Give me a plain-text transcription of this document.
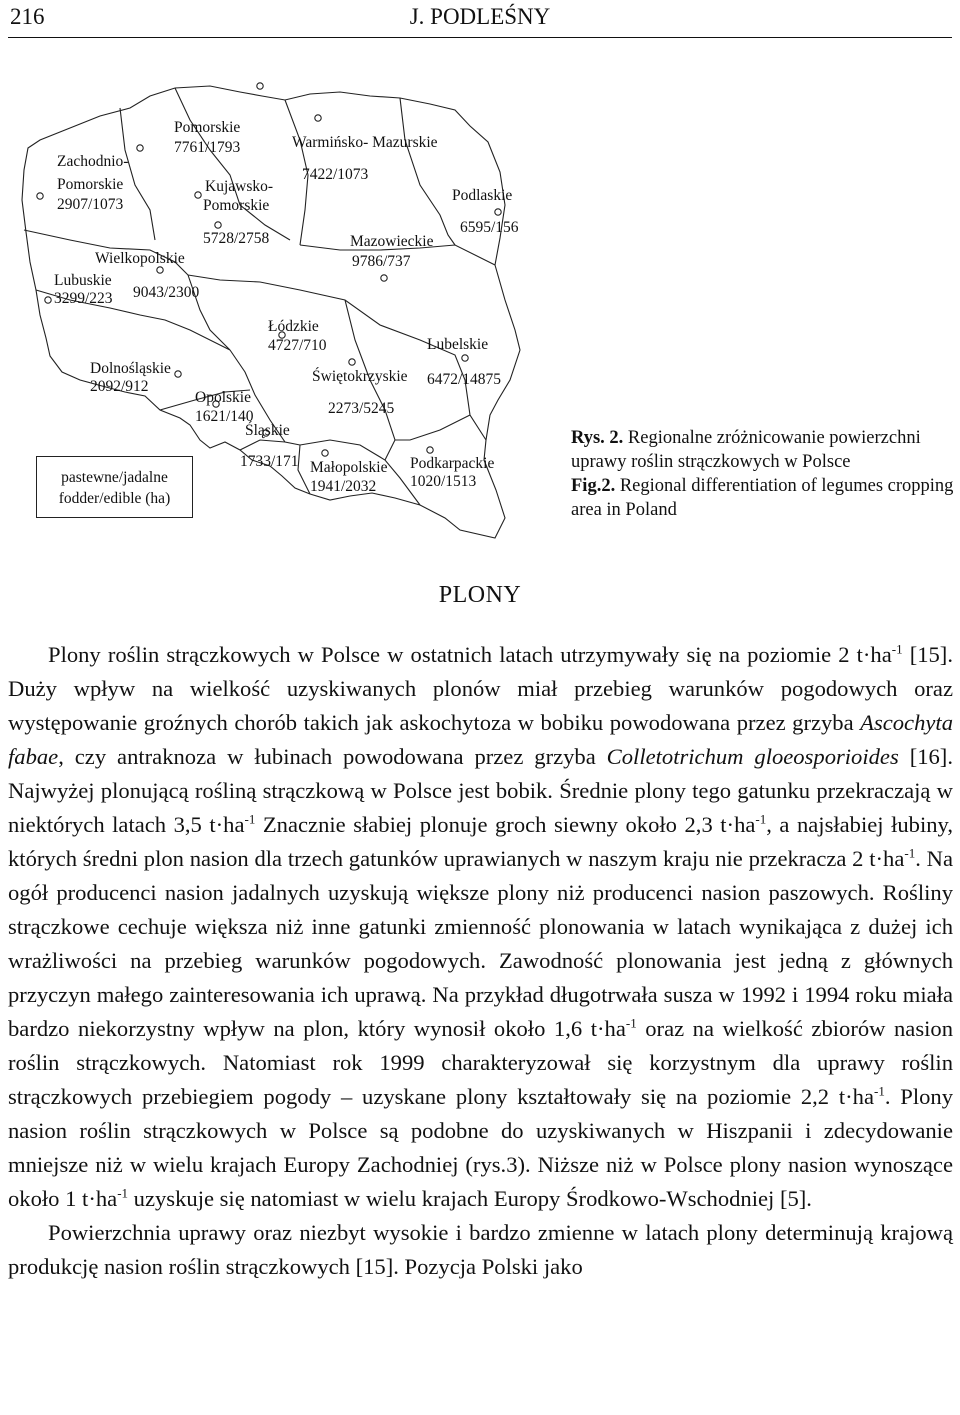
216	J. PODLEŚNY
Zachodnio-
Pomorskie
2907/1073
Pomorskie
7761/1793
Kujawsko-
Pomorskie
5728/2758
Warmińsko- Mazurskie
7422/1073
Podlaskie
6595/156
Wielkopolskie
9043/2300
Lubuskie
3299/223
Mazowieckie
9786/737
Łódzkie
4727/710	Lubelskie
6472/14875
Dolnośląskie
2092/912
Świętokrzyskie
2273/5245
Opolskie
1621/140
Śląskie
1733/171 Małopolskie
1941/2032
Podkarpackie
1020/1513
pastewne/jadalne
fodder/edible (ha)
Rys. 2. Regionalne zróżnicowanie powierzchni uprawy roślin strączkowych w Polsce
Fig.2. Regional differentiation of legumes cropping area in Poland
PLONY

Plony roślin strączkowych w Polsce w ostatnich latach utrzymywały się na poziomie 2 $t\cdot ha^{-1}$ [15]. Duży wpływ na wielkość uzyskiwanych plonów miał przebieg warunków pogodowych oraz występowanie groźnych chorób takich jak askochytoza w bobiku powodowana przez grzyba Ascochyta fabae, czy antraknoza w łubinach powodowana przez grzyba Colletotrichum gloeosporioides [16]. Najwyżej plonującą rośliną strączkową w Polsce jest bobik. Średnie plony tego gatunku przekraczają w niektórych latach 3,5 $t\cdot ha^{-1}$ Znacznie słabiej plonuje groch siewny około 2,3 $t\cdot ha^{-1}$, a najsłabiej łubiny, których średni plon nasion dla trzech gatunków uprawianych w naszym kraju nie przekracza 2 $t\cdot ha^{-1}$. Na ogół producenci nasion jadalnych uzyskują większe plony niż producenci nasion paszowych. Rośliny strączkowe cechuje większa niż inne gatunki zmienność plonowania w latach wynikająca z dużej ich wrażliwości na przebieg warunków pogodowych. Zawodność plonowania jest jedną z głównych przyczyn małego zainteresowania ich uprawą. Na przykład długotrwała susza w 1992 i 1994 roku miała bardzo niekorzystny wpływ na plon, który wynosił około 1,6 $t\cdot ha^{-1}$ oraz na wielkość zbiorów nasion roślin strączkowych. Natomiast rok 1999 charakteryzował się korzystnym dla uprawy roślin strączkowych przebiegiem pogody – uzyskane plony kształtowały się na poziomie 2,2 $t\cdot ha^{-1}$. Plony nasion roślin strączkowych w Polsce są podobne do uzyskiwanych w Hiszpanii i zdecydowanie mniejsze niż w wielu krajach Europy Zachodniej (rys.3). Niższe niż w Polsce plony nasion wynoszące około 1 $t\cdot ha^{-1}$ uzyskuje się natomiast w wielu krajach Europy Środkowo-Wschodniej [5].

Powierzchnia uprawy oraz niezbyt wysokie i bardzo zmienne w latach plony determinują krajową produkcję nasion roślin strączkowych [15]. Pozycja Polski jako
